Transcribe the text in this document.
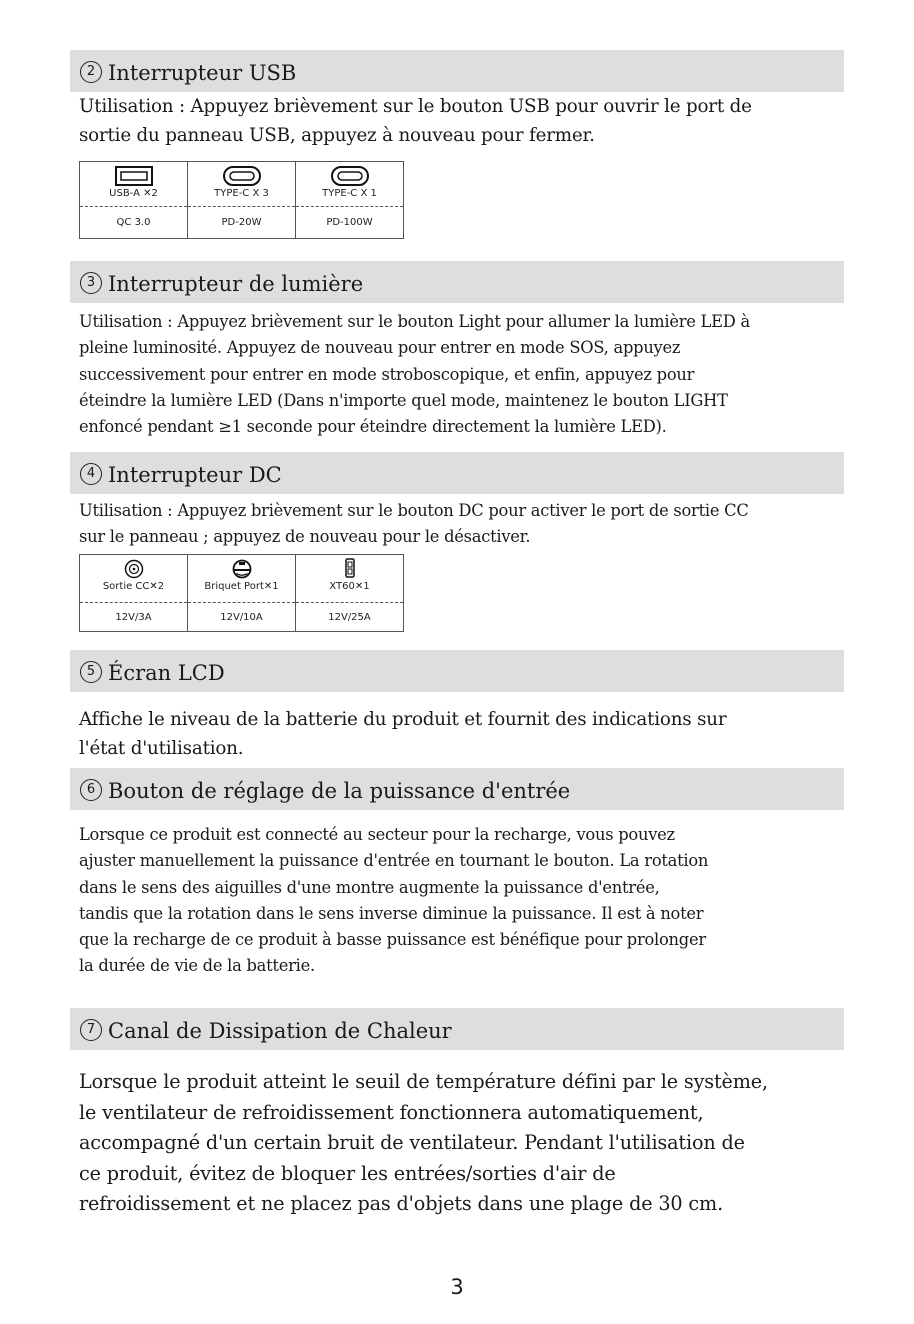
2 Interrupteur USB

Utilisation : Appuyez brièvement sur le bouton USB pour ouvrir le port de
sortie du panneau USB, appuyez à nouveau pour fermer.

USB-A ✕2	TYPE-C X 3	TYPE-C X 1
QC 3.0	PD-20W	PD-100W
3 Interrupteur de lumière

Utilisation : Appuyez brièvement sur le bouton Light pour allumer la lumière LED à
pleine luminosité. Appuyez de nouveau pour entrer en mode SOS, appuyez
successivement pour entrer en mode stroboscopique, et enfin, appuyez pour
éteindre la lumière LED (Dans n'importe quel mode, maintenez le bouton LIGHT
enfoncé pendant ≥1 seconde pour éteindre directement la lumière LED).

4 Interrupteur DC

Utilisation : Appuyez brièvement sur le bouton DC pour activer le port de sortie CC
sur le panneau ; appuyez de nouveau pour le désactiver.

Sortie CC✕2	Briquet Port✕1	XT60✕1
12V/3A	12V/10A	12V/25A
5 Écran LCD

Affiche le niveau de la batterie du produit et fournit des indications sur
l'état d'utilisation.

6 Bouton de réglage de la puissance d'entrée

Lorsque ce produit est connecté au secteur pour la recharge, vous pouvez
ajuster manuellement la puissance d'entrée en tournant le bouton. La rotation
dans le sens des aiguilles d'une montre augmente la puissance d'entrée,
tandis que la rotation dans le sens inverse diminue la puissance. Il est à noter
que la recharge de ce produit à basse puissance est bénéfique pour prolonger
la durée de vie de la batterie.

7 Canal de Dissipation de Chaleur

Lorsque le produit atteint le seuil de température défini par le système,
le ventilateur de refroidissement fonctionnera automatiquement,
accompagné d'un certain bruit de ventilateur. Pendant l'utilisation de
ce produit, évitez de bloquer les entrées/sorties d'air de
refroidissement et ne placez pas d'objets dans une plage de 30 cm.

3
